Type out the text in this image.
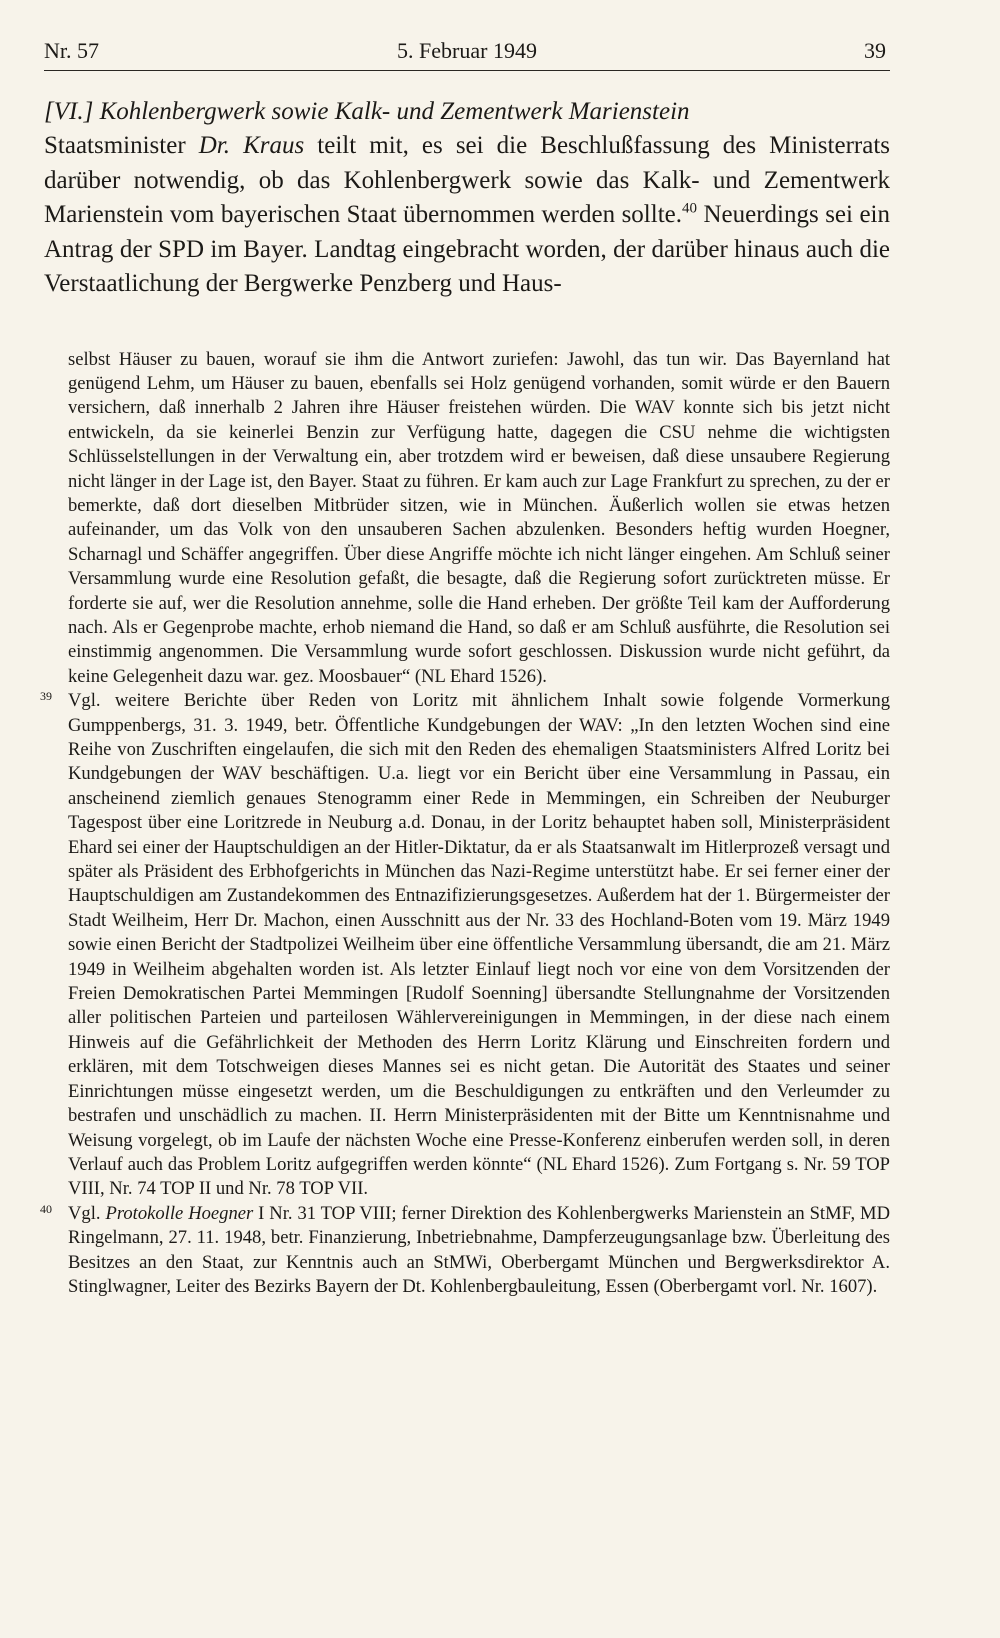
Nr. 57	5. Februar 1949	39
[VI.] Kohlenbergwerk sowie Kalk- und Zementwerk Marienstein

Staatsminister Dr. Kraus teilt mit, es sei die Beschlußfassung des Ministerrats darüber notwendig, ob das Kohlenbergwerk sowie das Kalk- und Zementwerk Marienstein vom bayerischen Staat übernommen werden sollte.$^{40}$ Neuerdings sei ein Antrag der SPD im Bayer. Landtag eingebracht worden, der darüber hinaus auch die Verstaatlichung der Bergwerke Penzberg und Haus-

selbst Häuser zu bauen, worauf sie ihm die Antwort zuriefen: Jawohl, das tun wir. Das Bayernland hat genügend Lehm, um Häuser zu bauen, ebenfalls sei Holz genügend vorhanden, somit würde er den Bauern versichern, daß innerhalb 2 Jahren ihre Häuser freistehen würden. Die WAV konnte sich bis jetzt nicht entwickeln, da sie keinerlei Benzin zur Verfügung hatte, dagegen die CSU nehme die wichtigsten Schlüsselstellungen in der Verwaltung ein, aber trotzdem wird er beweisen, daß diese unsaubere Regierung nicht länger in der Lage ist, den Bayer. Staat zu führen. Er kam auch zur Lage Frankfurt zu sprechen, zu der er bemerkte, daß dort dieselben Mitbrüder sitzen, wie in München. Äußerlich wollen sie etwas hetzen aufeinander, um das Volk von den unsauberen Sachen abzulenken. Besonders heftig wurden Hoegner, Scharnagl und Schäffer angegriffen. Über diese Angriffe möchte ich nicht länger eingehen. Am Schluß seiner Versammlung wurde eine Resolution gefaßt, die besagte, daß die Regierung sofort zurücktreten müsse. Er forderte sie auf, wer die Resolution annehme, solle die Hand erheben. Der größte Teil kam der Aufforderung nach. Als er Gegenprobe machte, erhob niemand die Hand, so daß er am Schluß ausführte, die Resolution sei einstimmig angenommen. Die Versammlung wurde sofort geschlossen. Diskussion wurde nicht geführt, da keine Gelegenheit dazu war. gez. Moosbauer“ (NL Ehard 1526).

39 Vgl. weitere Berichte über Reden von Loritz mit ähnlichem Inhalt sowie folgende Vormerkung Gumppenbergs, 31. 3. 1949, betr. Öffentliche Kundgebungen der WAV: „In den letzten Wochen sind eine Reihe von Zuschriften eingelaufen, die sich mit den Reden des ehemaligen Staatsministers Alfred Loritz bei Kundgebungen der WAV beschäftigen. U.a. liegt vor ein Bericht über eine Versammlung in Passau, ein anscheinend ziemlich genaues Stenogramm einer Rede in Memmingen, ein Schreiben der Neuburger Tagespost über eine Loritzrede in Neuburg a.d. Donau, in der Loritz behauptet haben soll, Ministerpräsident Ehard sei einer der Hauptschuldigen an der Hitler-Diktatur, da er als Staatsanwalt im Hitlerprozeß versagt und später als Präsident des Erbhofgerichts in München das Nazi-Regime unterstützt habe. Er sei ferner einer der Hauptschuldigen am Zustandekommen des Entnazifizierungsgesetzes. Außerdem hat der 1. Bürgermeister der Stadt Weilheim, Herr Dr. Machon, einen Ausschnitt aus der Nr. 33 des Hochland-Boten vom 19. März 1949 sowie einen Bericht der Stadtpolizei Weilheim über eine öffentliche Versammlung übersandt, die am 21. März 1949 in Weilheim abgehalten worden ist. Als letzter Einlauf liegt noch vor eine von dem Vorsitzenden der Freien Demokratischen Partei Memmingen [Rudolf Soenning] übersandte Stellungnahme der Vorsitzenden aller politischen Parteien und parteilosen Wählervereinigungen in Memmingen, in der diese nach einem Hinweis auf die Gefährlichkeit der Methoden des Herrn Loritz Klärung und Einschreiten fordern und erklären, mit dem Totschweigen dieses Mannes sei es nicht getan. Die Autorität des Staates und seiner Einrichtungen müsse eingesetzt werden, um die Beschuldigungen zu entkräften und den Verleumder zu bestrafen und unschädlich zu machen. II. Herrn Ministerpräsidenten mit der Bitte um Kenntnisnahme und Weisung vorgelegt, ob im Laufe der nächsten Woche eine Presse-Konferenz einberufen werden soll, in deren Verlauf auch das Problem Loritz aufgegriffen werden könnte“ (NL Ehard 1526). Zum Fortgang s. Nr. 59 TOP VIII, Nr. 74 TOP II und Nr. 78 TOP VII.

40 Vgl. Protokolle Hoegner I Nr. 31 TOP VIII; ferner Direktion des Kohlenbergwerks Marienstein an StMF, MD Ringelmann, 27. 11. 1948, betr. Finanzierung, Inbetriebnahme, Dampferzeugungsanlage bzw. Überleitung des Besitzes an den Staat, zur Kenntnis auch an StMWi, Oberbergamt München und Bergwerksdirektor A. Stinglwagner, Leiter des Bezirks Bayern der Dt. Kohlenbergbauleitung, Essen (Oberbergamt vorl. Nr. 1607).
